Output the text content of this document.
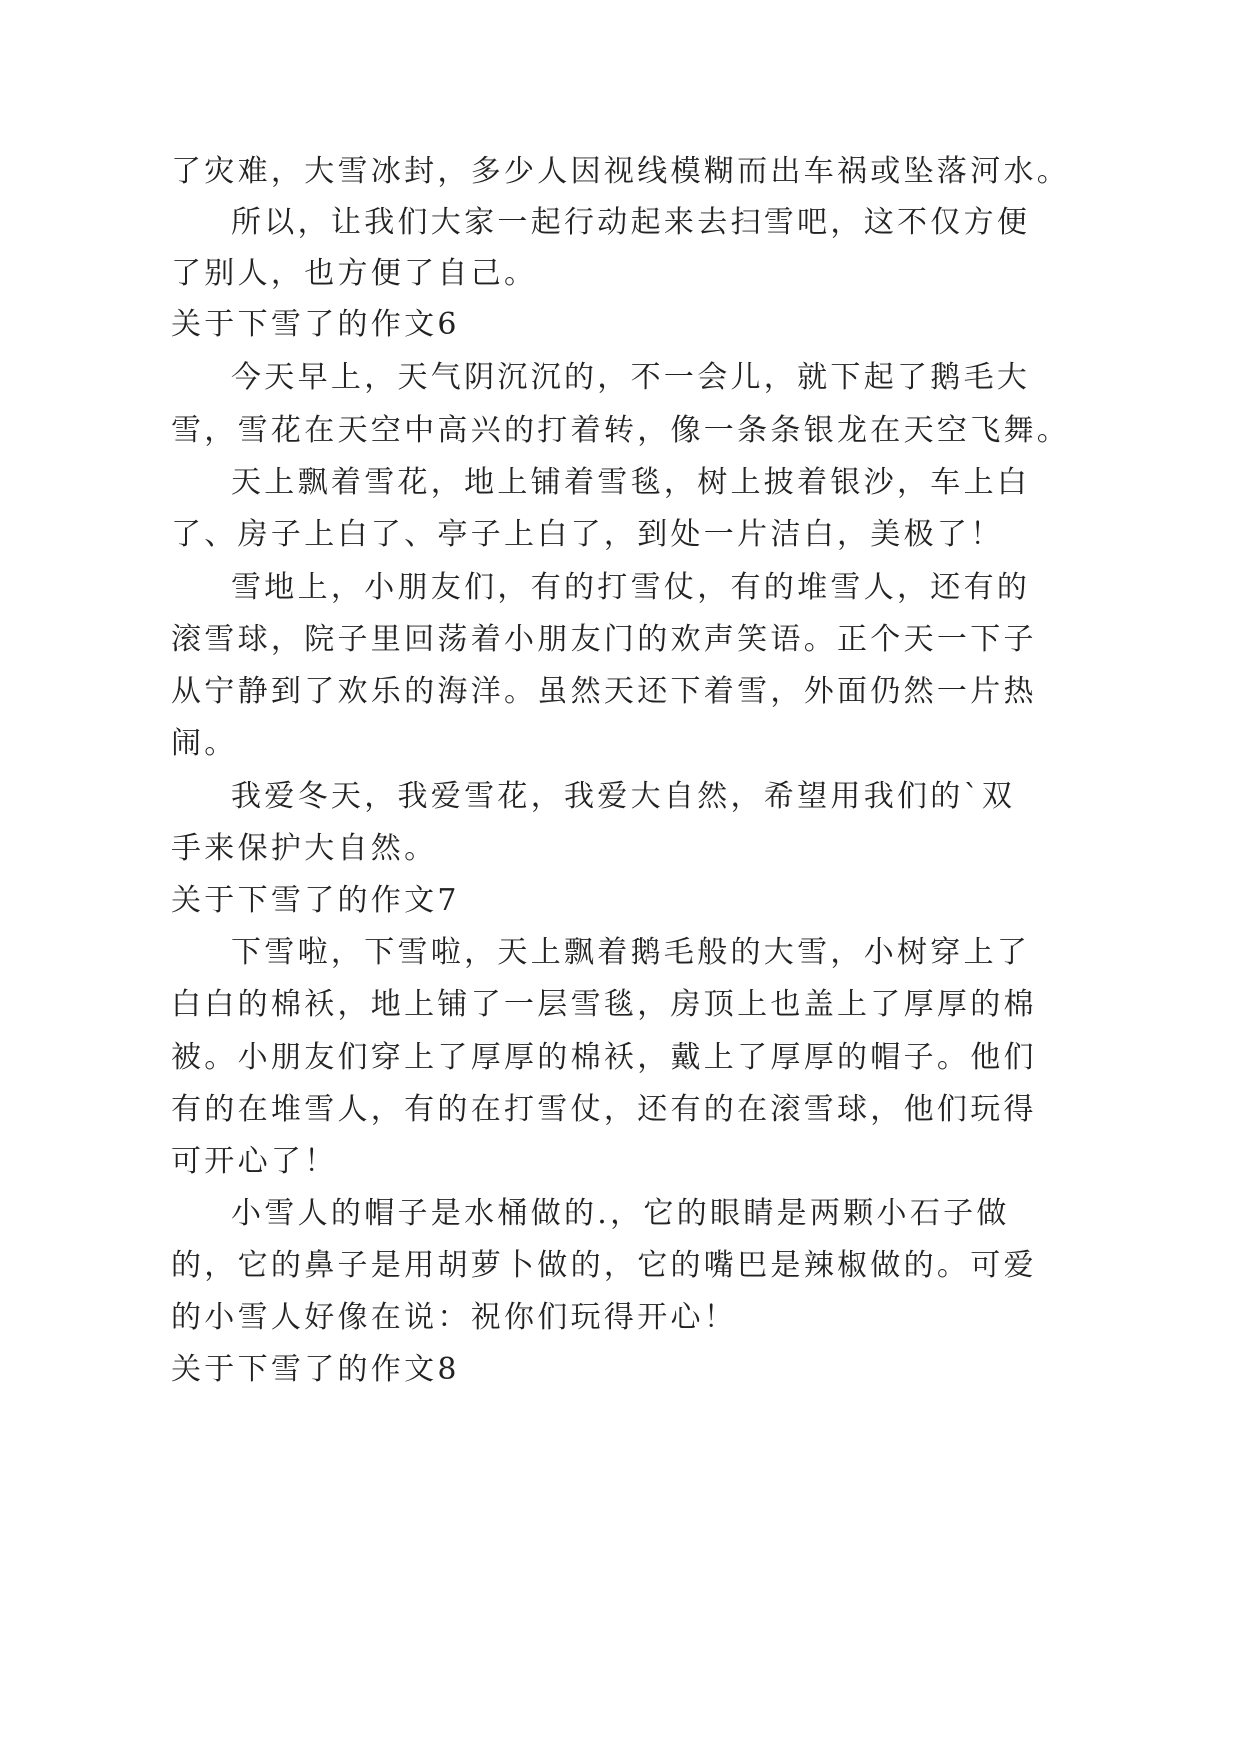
了灾难，大雪冰封，多少人因视线模糊而出车祸或坠落河水。
所以，让我们大家一起行动起来去扫雪吧，这不仅方便
了别人，也方便了自己。
关于下雪了的作文6
今天早上，天气阴沉沉的，不一会儿，就下起了鹅毛大
雪，雪花在天空中高兴的打着转，像一条条银龙在天空飞舞。
天上飘着雪花，地上铺着雪毯，树上披着银沙，车上白
了、房子上白了、亭子上白了，到处一片洁白，美极了！
雪地上，小朋友们，有的打雪仗，有的堆雪人，还有的
滚雪球，院子里回荡着小朋友门的欢声笑语。正个天一下子
从宁静到了欢乐的海洋。虽然天还下着雪，外面仍然一片热
闹。
我爱冬天，我爱雪花，我爱大自然，希望用我们的`双
手来保护大自然。
关于下雪了的作文7
下雪啦，下雪啦，天上飘着鹅毛般的大雪，小树穿上了
白白的棉袄，地上铺了一层雪毯，房顶上也盖上了厚厚的棉
被。小朋友们穿上了厚厚的棉袄，戴上了厚厚的帽子。他们
有的在堆雪人，有的在打雪仗，还有的在滚雪球，他们玩得
可开心了！
小雪人的帽子是水桶做的.，它的眼睛是两颗小石子做
的，它的鼻子是用胡萝卜做的，它的嘴巴是辣椒做的。可爱
的小雪人好像在说：祝你们玩得开心！
关于下雪了的作文8
